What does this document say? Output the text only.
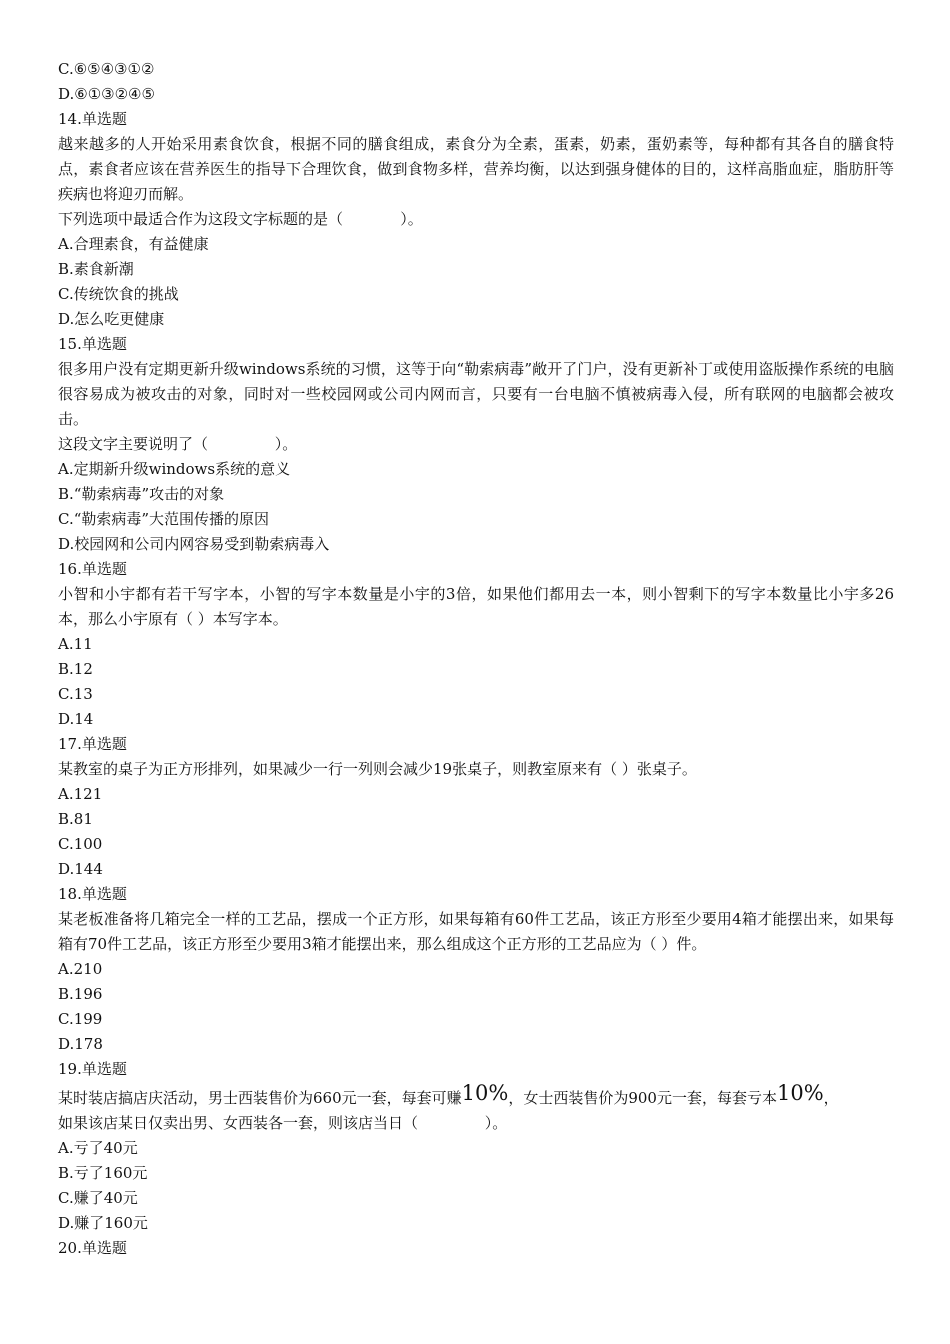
C.⑥⑤④③①②
D.⑥①③②④⑤
14.单选题

越来越多的人开始采用素食饮食，根据不同的膳食组成，素食分为全素，蛋素，奶素，蛋奶素等，每种都有其各自的膳食特点，素食者应该在营养医生的指导下合理饮食，做到食物多样，营养均衡，以达到强身健体的目的，这样高脂血症，脂肪肝等疾病也将迎刃而解。

下列选项中最适合作为这段文字标题的是（            ）。
A.合理素食，有益健康
B.素食新潮
C.传统饮食的挑战
D.怎么吃更健康
15.单选题

很多用户没有定期更新升级windows系统的习惯，这等于向“勒索病毒”敞开了门户，没有更新补丁或使用盗版操作系统的电脑很容易成为被攻击的对象，同时对一些校园网或公司内网而言，只要有一台电脑不慎被病毒入侵，所有联网的电脑都会被攻击。

这段文字主要说明了（              ）。
A.定期新升级windows系统的意义
B.“勒索病毒”攻击的对象
C.“勒索病毒”大范围传播的原因
D.校园网和公司内网容易受到勒索病毒入
16.单选题

小智和小宇都有若干写字本，小智的写字本数量是小宇的3倍，如果他们都用去一本，则小智剩下的写字本数量比小宇多26本，那么小宇原有（ ）本写字本。

A.11
B.12
C.13
D.14
17.单选题

某教室的桌子为正方形排列，如果减少一行一列则会减少19张桌子，则教室原来有（ ）张桌子。

A.121
B.81
C.100
D.144
18.单选题

某老板准备将几箱完全一样的工艺品，摆成一个正方形，如果每箱有60件工艺品，该正方形至少要用4箱才能摆出来，如果每箱有70件工艺品，该正方形至少要用3箱才能摆出来，那么组成这个正方形的工艺品应为（ ）件。

A.210
B.196
C.199
D.178
19.单选题
某时装店搞店庆活动，男士西装售价为660元一套，每套可赚10%，女士西装售价为900元一套，每套亏本10%，
如果该店某日仅卖出男、女西装各一套，则该店当日（              ）。
A.亏了40元
B.亏了160元
C.赚了40元
D.赚了160元
20.单选题
